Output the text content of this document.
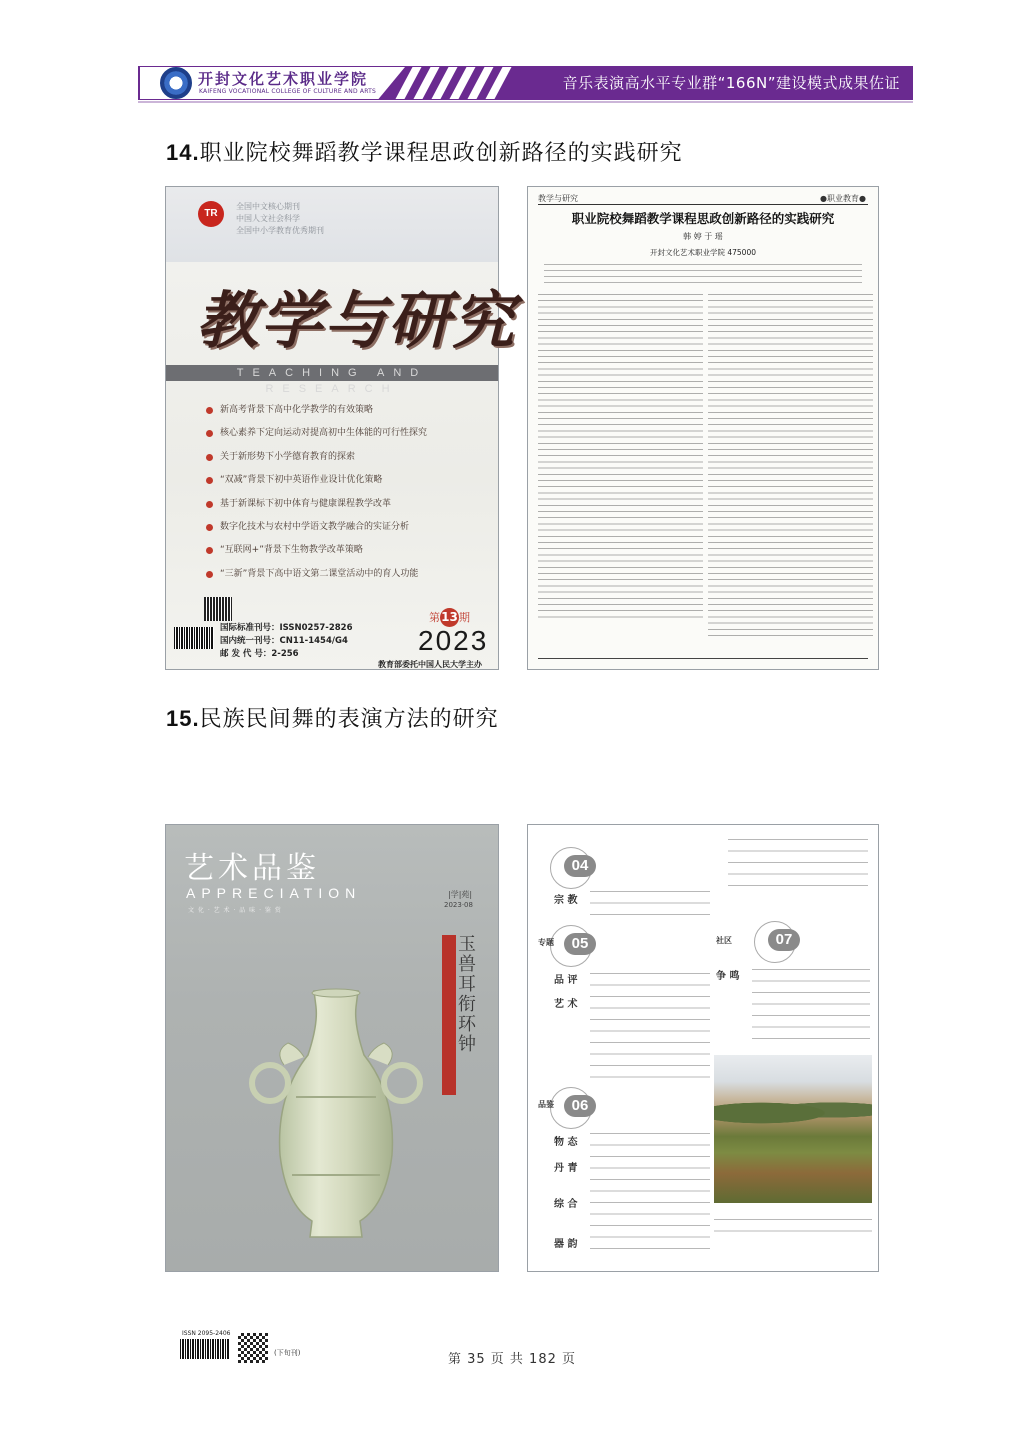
开封文化艺术职业学院
KAIFENG VOCATIONAL COLLEGE OF CULTURE AND ARTS	音乐表演高水平专业群“166N”建设模式成果佐证
14.职业院校舞蹈教学课程思政创新路径的实践研究
TR
全国中文核心期刊
中国人文社会科学
全国中小学教育优秀期刊
教学与研究
TEACHING AND RESEARCH
新高考背景下高中化学教学的有效策略
核心素养下定向运动对提高初中生体能的可行性探究
关于新形势下小学德育教育的探索
“双减”背景下初中英语作业设计优化策略
基于新课标下初中体育与健康课程教学改革
数字化技术与农村中学语文教学融合的实证分析
“互联网+”背景下生物教学改革策略
“三新”背景下高中语文第二课堂活动中的育人功能
国际标准刊号：ISSN0257-2826
国内统一刊号：CN11-1454/G4
邮 发 代 号：2-256
第13期
2023
教育部委托中国人民大学主办
教学与研究	●职业教育●
职业院校舞蹈教学课程思政创新路径的实践研究
韩 婷 于 瑶
开封文化艺术职业学院 475000
15.民族民间舞的表演方法的研究
艺术品鉴
APPRECIATION
文 化 · 艺 术 · 品 味 · 鉴 赏
|学|苑|
2023·08
玉兽耳衔环钟
ISSN 2095-2406
(下旬刊)
04
宗 教
05
专题
品 评
艺 术
06
品鉴
物 态
丹 青
综 合
器 韵
07
社区
争 鸣
第 35 页 共 182 页
